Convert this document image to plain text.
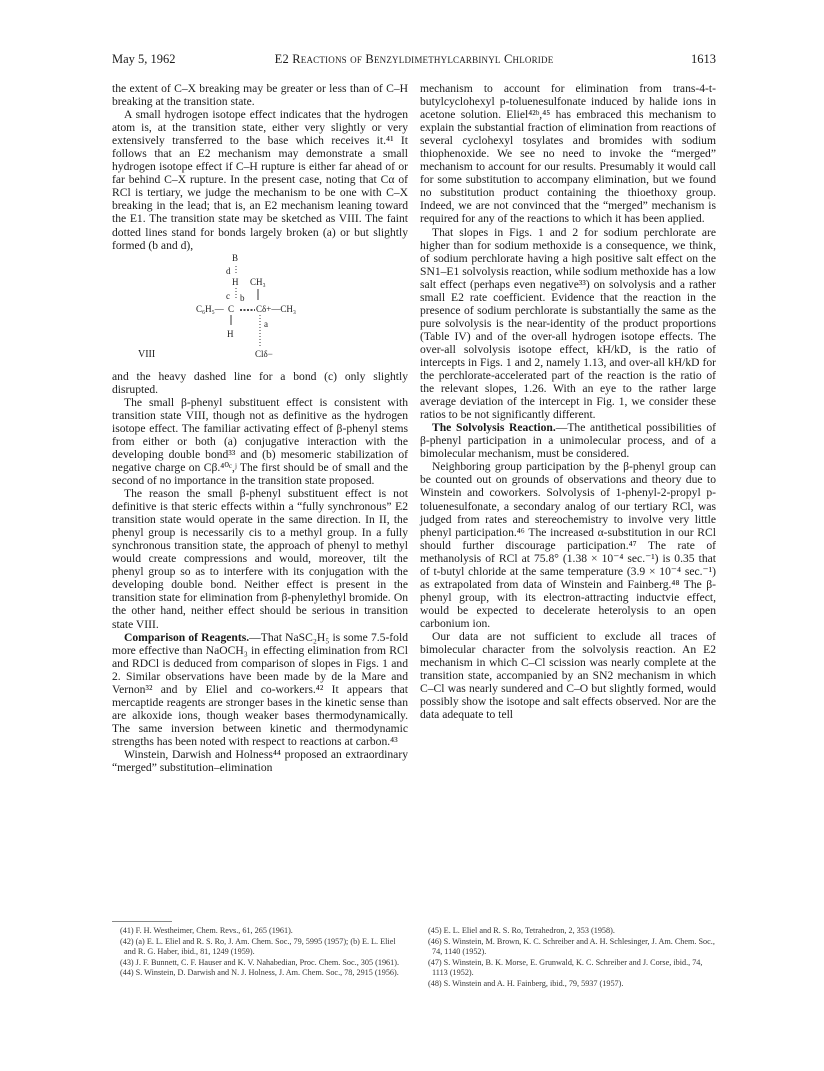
May 5, 1962	E2 Reactions of Benzyldimethylcarbinyl Chloride	1613

the extent of C–X breaking may be greater or less than of C–H breaking at the transition state.

A small hydrogen isotope effect indicates that the hydrogen atom is, at the transition state, either very slightly or very extensively transferred to the base which receives it.⁴¹ It follows that an E2 mechanism may demonstrate a small hydrogen isotope effect if C–H rupture is either far ahead of or far behind C–X rupture. In the present case, noting that Cα of RCl is tertiary, we judge the mechanism to be one with C–X breaking in the lead; that is, an E2 mechanism leaning toward the E1. The transition state may be sketched as VIII. The faint dotted lines stand for bonds largely broken (a) or but slightly formed (b and d),

B
d
H CH₃
c b
C₆H₅— C Cδ+—CH₃
a
H
VIII	Clδ−

and the heavy dashed line for a bond (c) only slightly disrupted.

The small β-phenyl substituent effect is consistent with transition state VIII, though not as definitive as the hydrogen isotope effect. The familiar activating effect of β-phenyl stems from either or both (a) conjugative interaction with the developing double bond³³ and (b) mesomeric stabilization of negative charge on Cβ.⁴⁰ᶜ,ʲ The first should be of small and the second of no importance in the transition state proposed.

The reason the small β-phenyl substituent effect is not definitive is that steric effects within a “fully synchronous” E2 transition state would operate in the same direction. In II, the phenyl group is necessarily cis to a methyl group. In a fully synchronous transition state, the approach of phenyl to methyl would create compressions and would, moreover, tilt the phenyl group so as to interfere with its conjugation with the developing double bond. Neither effect is present in the transition state for elimination from β-phenylethyl bromide. On the other hand, neither effect should be serious in transition state VIII.

Comparison of Reagents.—That NaSC₂H₅ is some 7.5-fold more effective than NaOCH₃ in effecting elimination from RCl and RDCl is deduced from comparison of slopes in Figs. 1 and 2. Similar observations have been made by de la Mare and Vernon³² and by Eliel and co-workers.⁴² It appears that mercaptide reagents are stronger bases in the kinetic sense than are alkoxide ions, though weaker bases thermodynamically. The same inversion between kinetic and thermodynamic strengths has been noted with respect to reactions at carbon.⁴³

Winstein, Darwish and Holness⁴⁴ proposed an extraordinary “merged” substitution–elimination

mechanism to account for elimination from trans-4-t-butylcyclohexyl p-toluenesulfonate induced by halide ions in acetone solution. Eliel⁴²ᵇ,⁴⁵ has embraced this mechanism to explain the substantial fraction of elimination from reactions of several cyclohexyl tosylates and bromides with sodium thiophenoxide. We see no need to invoke the “merged” mechanism to account for our results. Presumably it would call for some substitution to accompany elimination, but we found no substitution product containing the thioethoxy group. Indeed, we are not convinced that the “merged” mechanism is required for any of the reactions to which it has been applied.

That slopes in Figs. 1 and 2 for sodium perchlorate are higher than for sodium methoxide is a consequence, we think, of sodium perchlorate having a high positive salt effect on the SN1–E1 solvolysis reaction, while sodium methoxide has a low salt effect (perhaps even negative³³) on solvolysis and a rather small E2 rate coefficient. Evidence that the reaction in the presence of sodium perchlorate is substantially the same as the pure solvolysis is the near-identity of the product proportions (Table IV) and of the over-all hydrogen isotope effects. The over-all solvolysis isotope effect, kH/kD, is the ratio of intercepts in Figs. 1 and 2, namely 1.13, and over-all kH/kD for the perchlorate-accelerated part of the reaction is the ratio of the relevant slopes, 1.26. With an eye to the rather large average deviation of the intercept in Fig. 1, we consider these ratios to be not significantly different.

The Solvolysis Reaction.—The antithetical possibilities of β-phenyl participation in a unimolecular process, and of a bimolecular mechanism, must be considered.

Neighboring group participation by the β-phenyl group can be counted out on grounds of observations and theory due to Winstein and coworkers. Solvolysis of 1-phenyl-2-propyl p-toluenesulfonate, a secondary analog of our tertiary RCl, was judged from rates and stereochemistry to involve very little phenyl participation.⁴⁶ The increased α-substitution in our RCl should further discourage participation.⁴⁷ The rate of methanolysis of RCl at 75.8° (1.38 × 10⁻⁴ sec.⁻¹) is 0.35 that of t-butyl chloride at the same temperature (3.9 × 10⁻⁴ sec.⁻¹) as extrapolated from data of Winstein and Fainberg.⁴⁸ The β-phenyl group, with its electron-attracting inductvie effect, would be expected to decelerate heterolysis to an open carbonium ion.

Our data are not sufficient to exclude all traces of bimolecular character from the solvolysis reaction. An E2 mechanism in which C–Cl scission was nearly complete at the transition state, accompanied by an SN2 mechanism in which C–Cl was nearly sundered and C–O but slightly formed, would possibly show the isotope and salt effects observed. Nor are the data adequate to tell

(41) F. H. Westheimer, Chem. Revs., 61, 265 (1961).
(42) (a) E. L. Eliel and R. S. Ro, J. Am. Chem. Soc., 79, 5995 (1957); (b) E. L. Eliel and R. G. Haber, ibid., 81, 1249 (1959).
(43) J. F. Bunnett, C. F. Hauser and K. V. Nahabedian, Proc. Chem. Soc., 305 (1961).
(44) S. Winstein, D. Darwish and N. J. Holness, J. Am. Chem. Soc., 78, 2915 (1956).
(45) E. L. Eliel and R. S. Ro, Tetrahedron, 2, 353 (1958).
(46) S. Winstein, M. Brown, K. C. Schreiber and A. H. Schlesinger, J. Am. Chem. Soc., 74, 1140 (1952).
(47) S. Winstein, B. K. Morse, E. Grunwald, K. C. Schreiber and J. Corse, ibid., 74, 1113 (1952).
(48) S. Winstein and A. H. Fainberg, ibid., 79, 5937 (1957).
